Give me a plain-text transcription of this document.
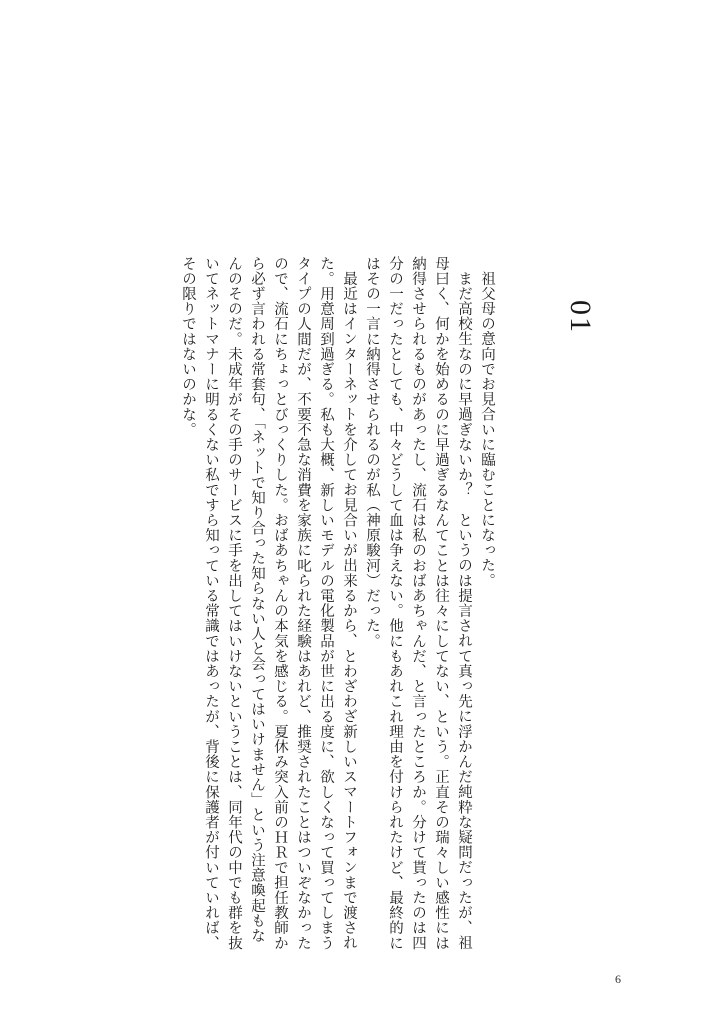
01

祖父母の意向でお見合いに臨むことになった。

まだ高校生なのに早過ぎないか？　というのは提言されて真っ先に浮かんだ純粋な疑問だったが、祖母曰く、何かを始めるのに早過ぎるなんてことは往々にしてない、という。正直その瑞々しい感性には納得させられるものがあったし、流石は私のおばあちゃんだ、と言ったところか。分けて貰ったのは四分の一だったとしても、中々どうして血は争えない。他にもあれこれ理由を付けられたけど、最終的にはその一言に納得させられるのが私（神原駿河）だった。

最近はインターネットを介してお見合いが出来るから、とわざわざ新しいスマートフォンまで渡された。用意周到過ぎる。私も大概、新しいモデルの電化製品が世に出る度に、欲しくなって買ってしまうタイプの人間だが、不要不急な消費を家族に叱られた経験はあれど、推奨されたことはついぞなかったので、流石にちょっとびっくりした。おばあちゃんの本気を感じる。夏休み突入前のＨＲで担任教師から必ず言われる常套句、「ネットで知り合った知らない人と会ってはいけません」という注意喚起もなんのそのだ。未成年がその手のサービスに手を出してはいけないということは、同年代の中でも群を抜いてネットマナーに明るくない私ですら知っている常識ではあったが、背後に保護者が付いていれば、その限りではないのかな。

6
